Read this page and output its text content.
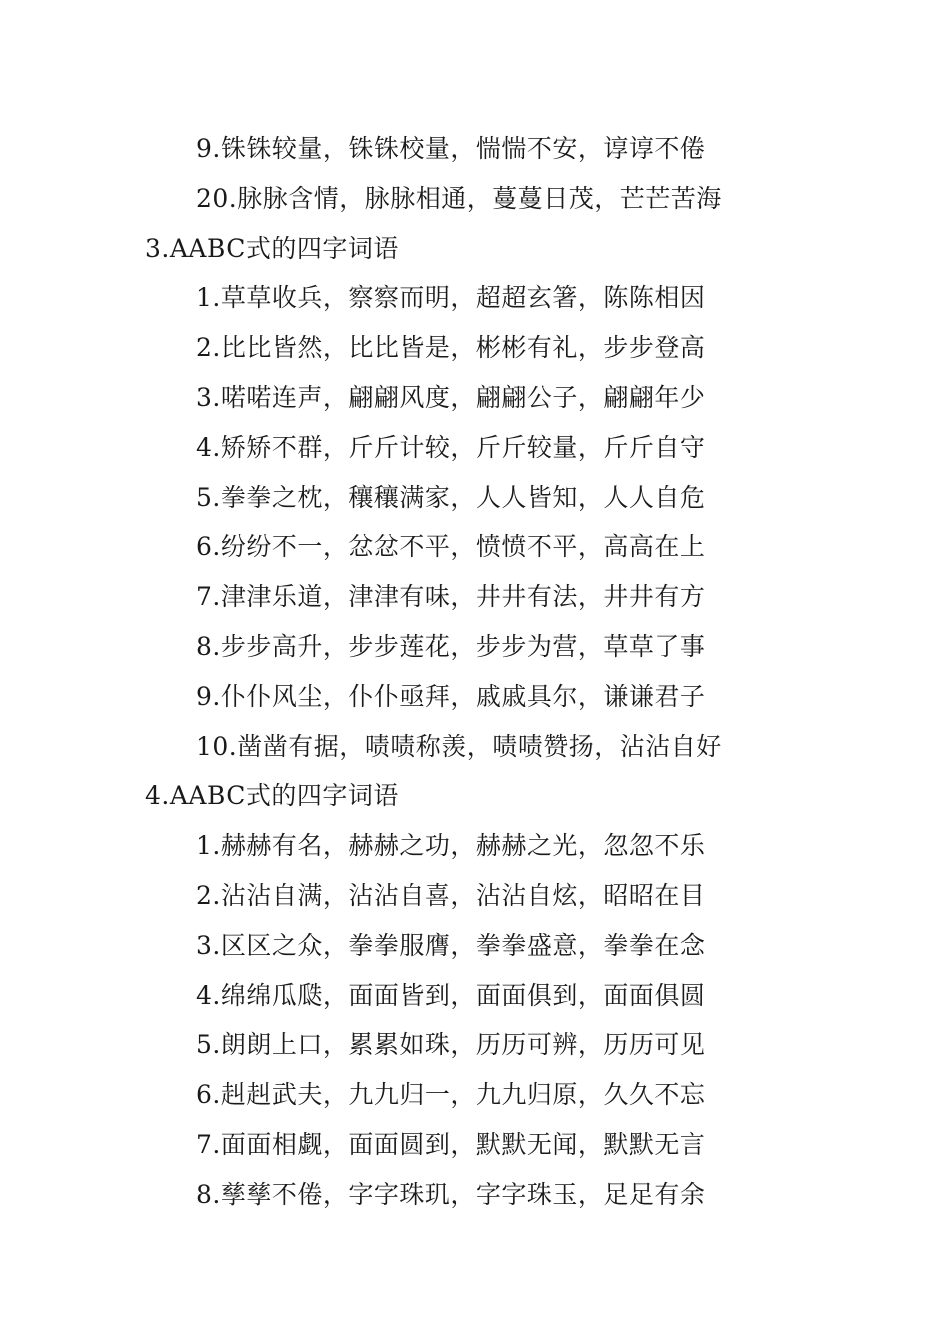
9.铢铢较量，铢铢校量，惴惴不安，谆谆不倦
20.脉脉含情，脉脉相通，蔓蔓日茂，芒芒苦海
3.AABC式的四字词语
1.草草收兵，察察而明，超超玄箸，陈陈相因
2.比比皆然，比比皆是，彬彬有礼，步步登高
3.喏喏连声，翩翩风度，翩翩公子，翩翩年少
4.矫矫不群，斤斤计较，斤斤较量，斤斤自守
5.拳拳之枕，穰穰满家，人人皆知，人人自危
6.纷纷不一，忿忿不平，愤愤不平，高高在上
7.津津乐道，津津有味，井井有法，井井有方
8.步步高升，步步莲花，步步为营，草草了事
9.仆仆风尘，仆仆亟拜，戚戚具尔，谦谦君子
10.凿凿有据，啧啧称羡，啧啧赞扬，沾沾自好
4.AABC式的四字词语
1.赫赫有名，赫赫之功，赫赫之光，忽忽不乐
2.沾沾自满，沾沾自喜，沾沾自炫，昭昭在目
3.区区之众，拳拳服膺，拳拳盛意，拳拳在念
4.绵绵瓜瓞，面面皆到，面面俱到，面面俱圆
5.朗朗上口，累累如珠，历历可辨，历历可见
6.赳赳武夫，九九归一，九九归原，久久不忘
7.面面相觑，面面圆到，默默无闻，默默无言
8.孳孳不倦，字字珠玑，字字珠玉，足足有余
